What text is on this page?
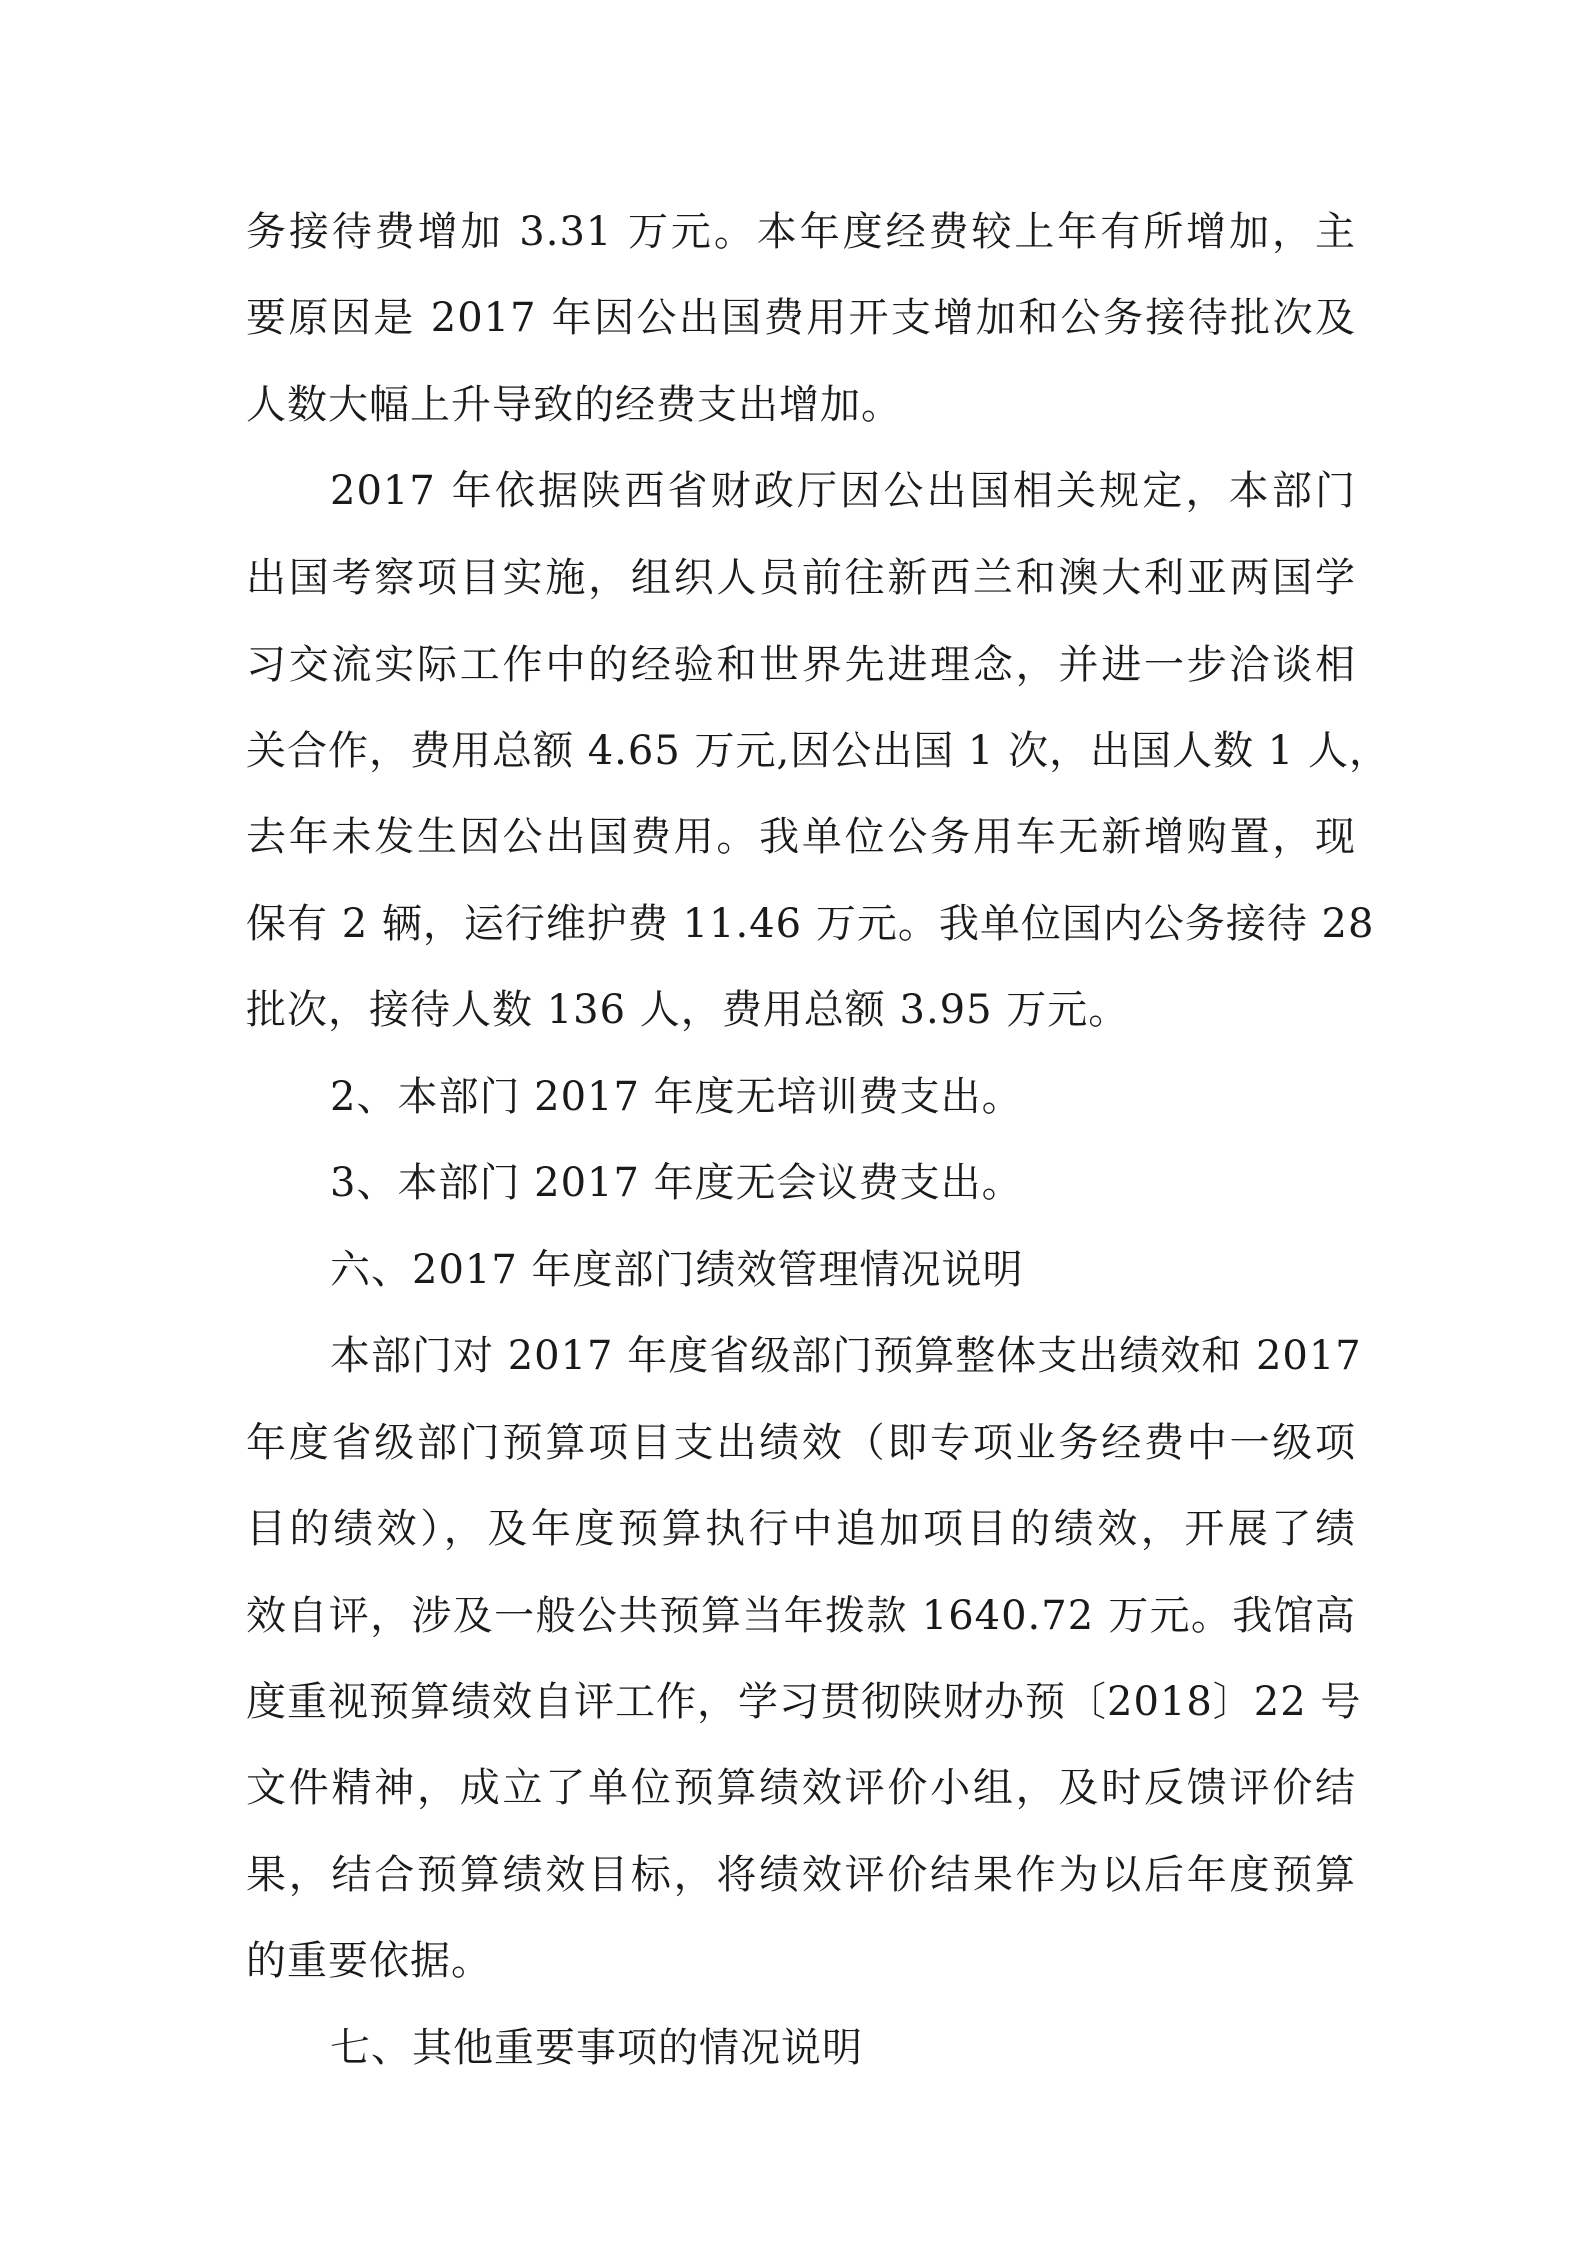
务接待费增加 3.31 万元。本年度经费较上年有所增加，主
要原因是 2017 年因公出国费用开支增加和公务接待批次及
人数大幅上升导致的经费支出增加。
2017 年依据陕西省财政厅因公出国相关规定，本部门
出国考察项目实施，组织人员前往新西兰和澳大利亚两国学
习交流实际工作中的经验和世界先进理念，并进一步洽谈相
关合作，费用总额 4.65 万元,因公出国 1 次，出国人数 1 人，
去年未发生因公出国费用。我单位公务用车无新增购置，现
保有 2 辆，运行维护费 11.46 万元。我单位国内公务接待 28
批次，接待人数 136 人，费用总额 3.95 万元。
2、本部门 2017 年度无培训费支出。
3、本部门 2017 年度无会议费支出。
六、2017 年度部门绩效管理情况说明
本部门对 2017 年度省级部门预算整体支出绩效和 2017
年度省级部门预算项目支出绩效（即专项业务经费中一级项
目的绩效），及年度预算执行中追加项目的绩效，开展了绩
效自评，涉及一般公共预算当年拨款 1640.72 万元。我馆高
度重视预算绩效自评工作，学习贯彻陕财办预〔2018〕22 号
文件精神，成立了单位预算绩效评价小组，及时反馈评价结
果，结合预算绩效目标，将绩效评价结果作为以后年度预算
的重要依据。
七、其他重要事项的情况说明
